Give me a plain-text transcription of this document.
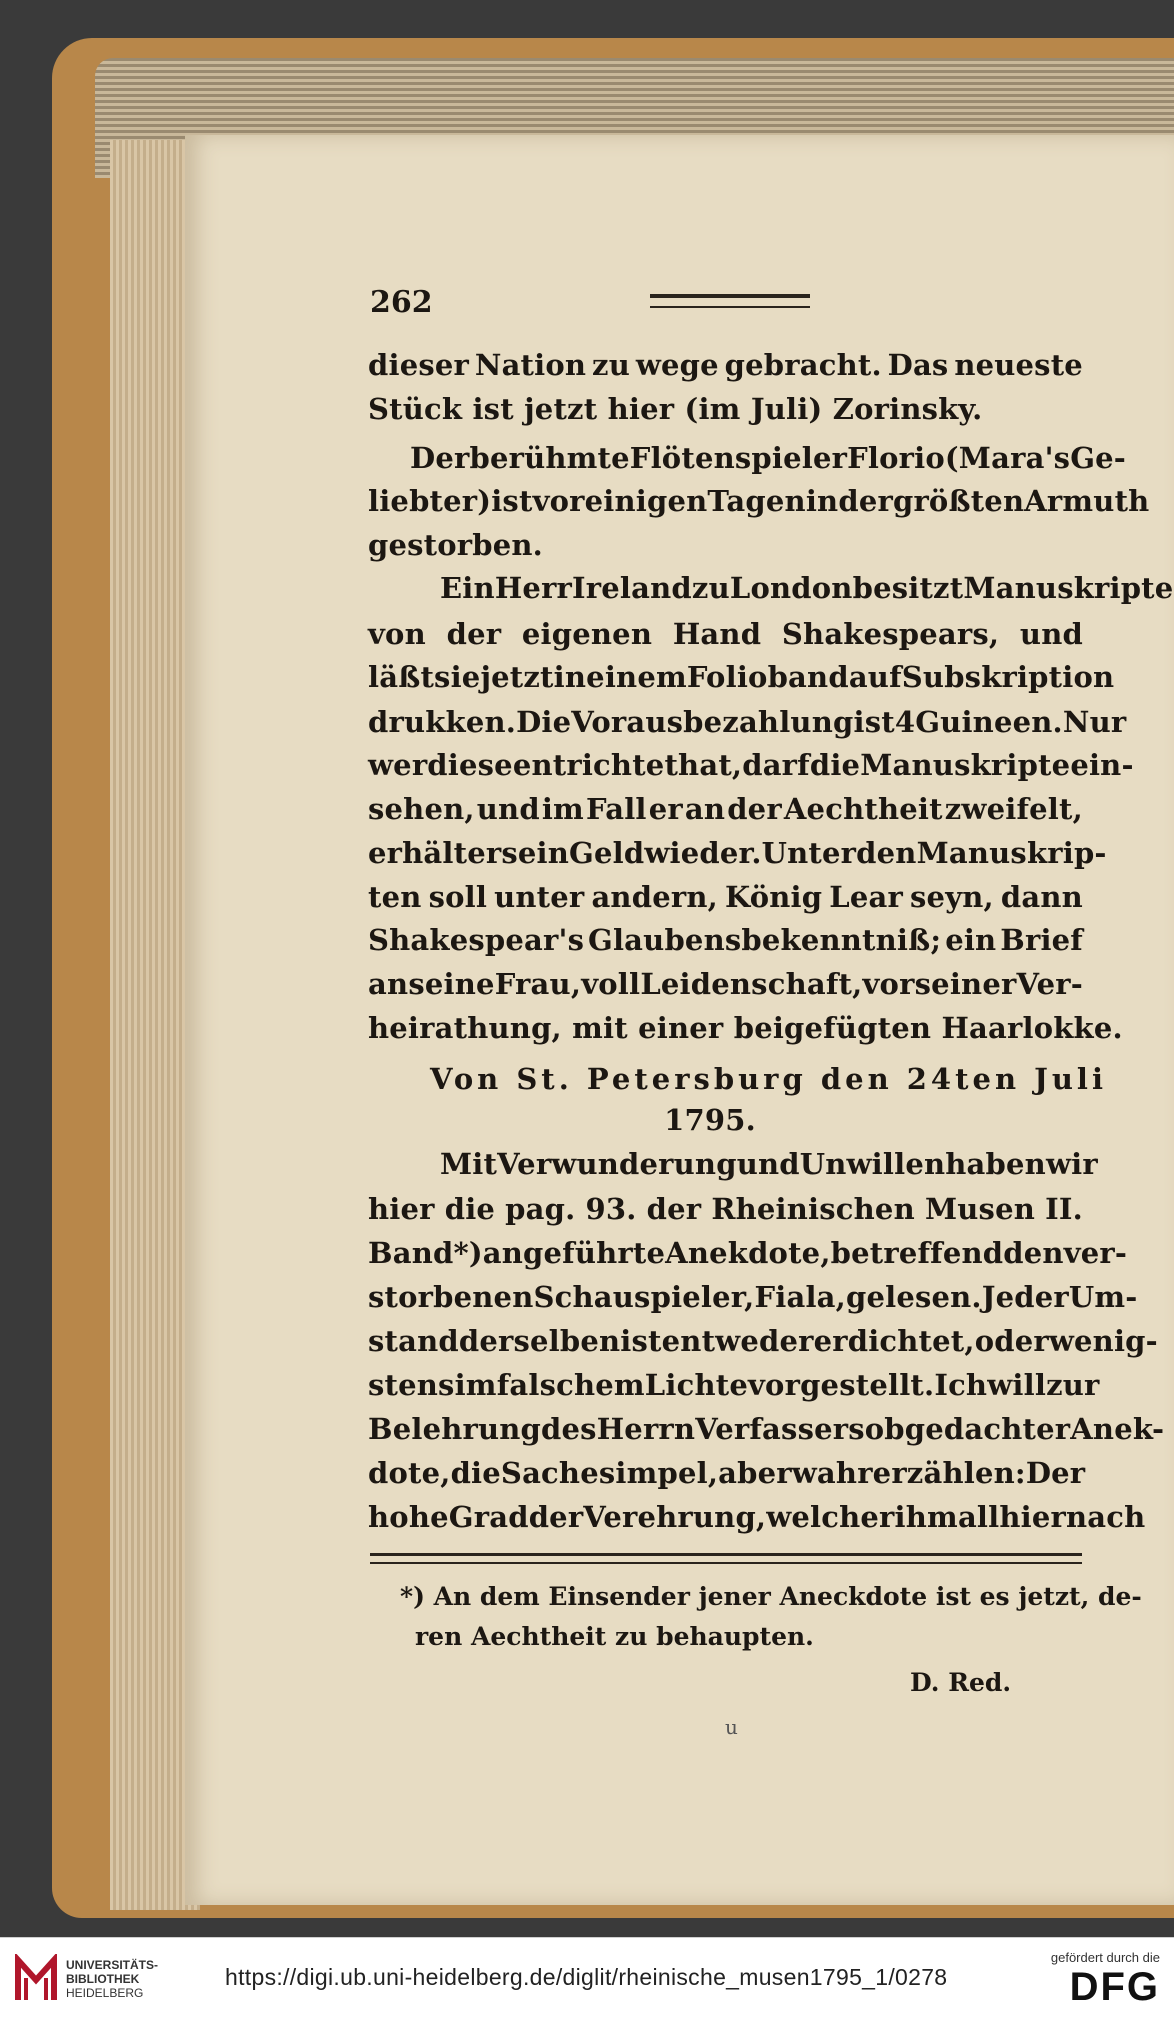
262
*) An dem Einsender jener Aneckdote ist es jetzt, de-
ren Aechtheit zu behaupten.
D. Red.
u
dieser Nation zu wege gebracht. Das neueste
Stück ist jetzt hier (im Juli) Zorinsky.
Der berühmte Flötenspieler Florio (Mara's Ge-
liebter) ist vor einigen Tagen in der größten Armuth
gestorben.
Ein Herr Ireland zu London besitzt Manuskripte
von der eigenen Hand Shakespears, und
läßt sie jetzt in einem Folioband auf Subskription
drukken. Die Vorausbezahlung ist 4 Guineen. Nur
wer diese entrichtet hat, darf die Manuskripte ein-
sehen, und im Fall er an der Aechtheit zweifelt,
erhält er sein Geld wieder. Unter den Manuskrip-
ten soll unter andern, König Lear seyn, dann
Shakespear's Glaubensbekenntniß; ein Brief
an seine Frau, voll Leidenschaft, vor seiner Ver-
heirathung, mit einer beigefügten Haarlokke.
Von St. Petersburg den 24ten Juli
1795.
Mit Verwunderung und Unwillen haben wir
hier die pag. 93. der Rheinischen Musen II.
Band *) angeführte Anekdote, betreffend den ver-
storbenen Schauspieler, Fiala, gelesen. Jeder Um-
stand derselben ist entweder erdichtet, oder wenig-
stens im falschem Lichte vorgestellt. Ich will zur
Belehrung des Herrn Verfassers obgedachter Anek-
dote, die Sache simpel, aber wahr erzählen: Der
hohe Grad der Verehrung, welcher ihm allhier nach
UNIVERSITÄTS-
BIBLIOTHEK
HEIDELBERG
https://digi.ub.uni-heidelberg.de/diglit/rheinische_musen1795_1/0278
gefördert durch die
DFG
